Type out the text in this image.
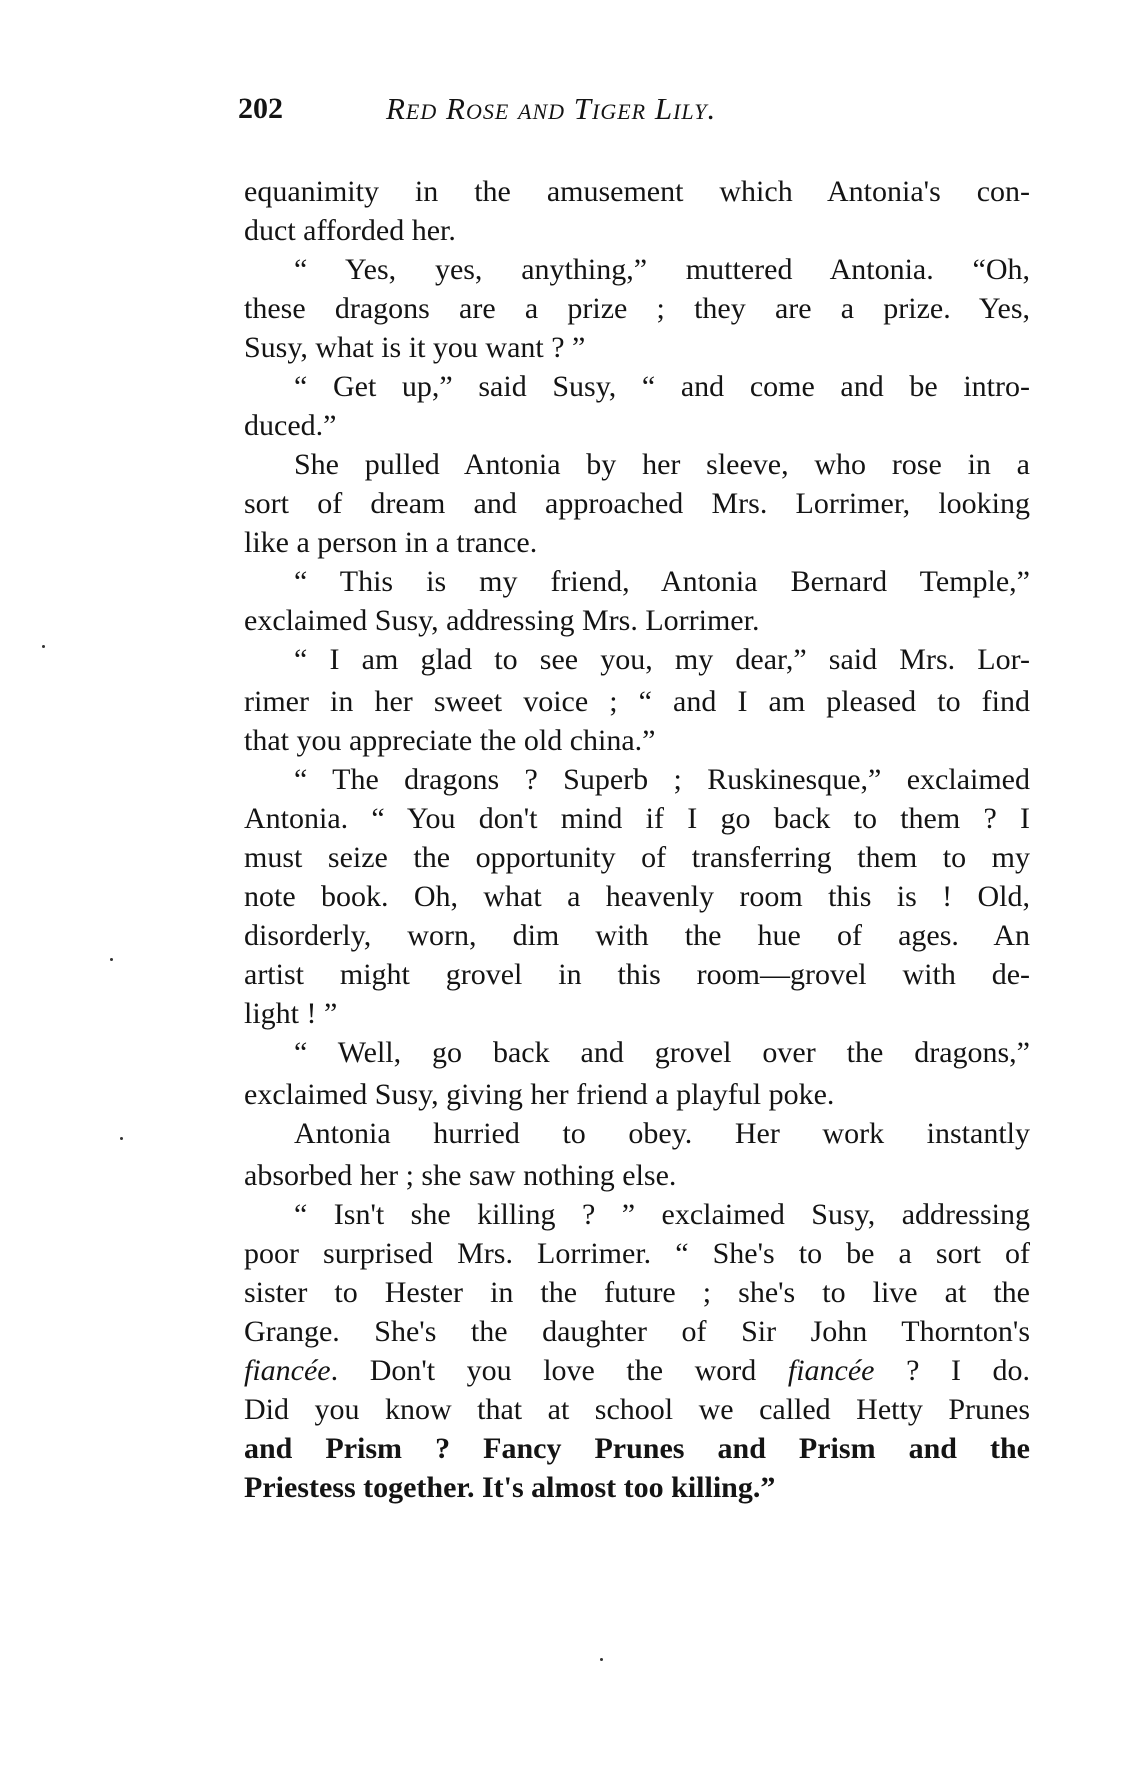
202	Red Rose and Tiger Lily.
equanimity in the amusement which Antonia's con-
duct afforded her.
“ Yes, yes, anything,” muttered Antonia. “Oh,
these dragons are a prize ; they are a prize. Yes,
Susy, what is it you want ? ”
“ Get up,” said Susy, “ and come and be intro-
duced.”
She pulled Antonia by her sleeve, who rose in a
sort of dream and approached Mrs. Lorrimer, looking
like a person in a trance.
“ This is my friend, Antonia Bernard Temple,”
exclaimed Susy, addressing Mrs. Lorrimer.
“ I am glad to see you, my dear,” said Mrs. Lor-
rimer in her sweet voice ; “ and I am pleased to find
that you appreciate the old china.”
“ The dragons ? Superb ; Ruskinesque,” exclaimed
Antonia. “ You don't mind if I go back to them ? I
must seize the opportunity of transferring them to my
note book. Oh, what a heavenly room this is ! Old,
disorderly, worn, dim with the hue of ages. An
artist might grovel in this room—grovel with de-
light ! ”
“ Well, go back and grovel over the dragons,”
exclaimed Susy, giving her friend a playful poke.
Antonia hurried to obey. Her work instantly
absorbed her ; she saw nothing else.
“ Isn't she killing ? ” exclaimed Susy, addressing
poor surprised Mrs. Lorrimer. “ She's to be a sort of
sister to Hester in the future ; she's to live at the
Grange. She's the daughter of Sir John Thornton's
fiancée. Don't you love the word fiancée ? I do.
Did you know that at school we called Hetty Prunes
and Prism ? Fancy Prunes and Prism and the
Priestess together. It's almost too killing.”
